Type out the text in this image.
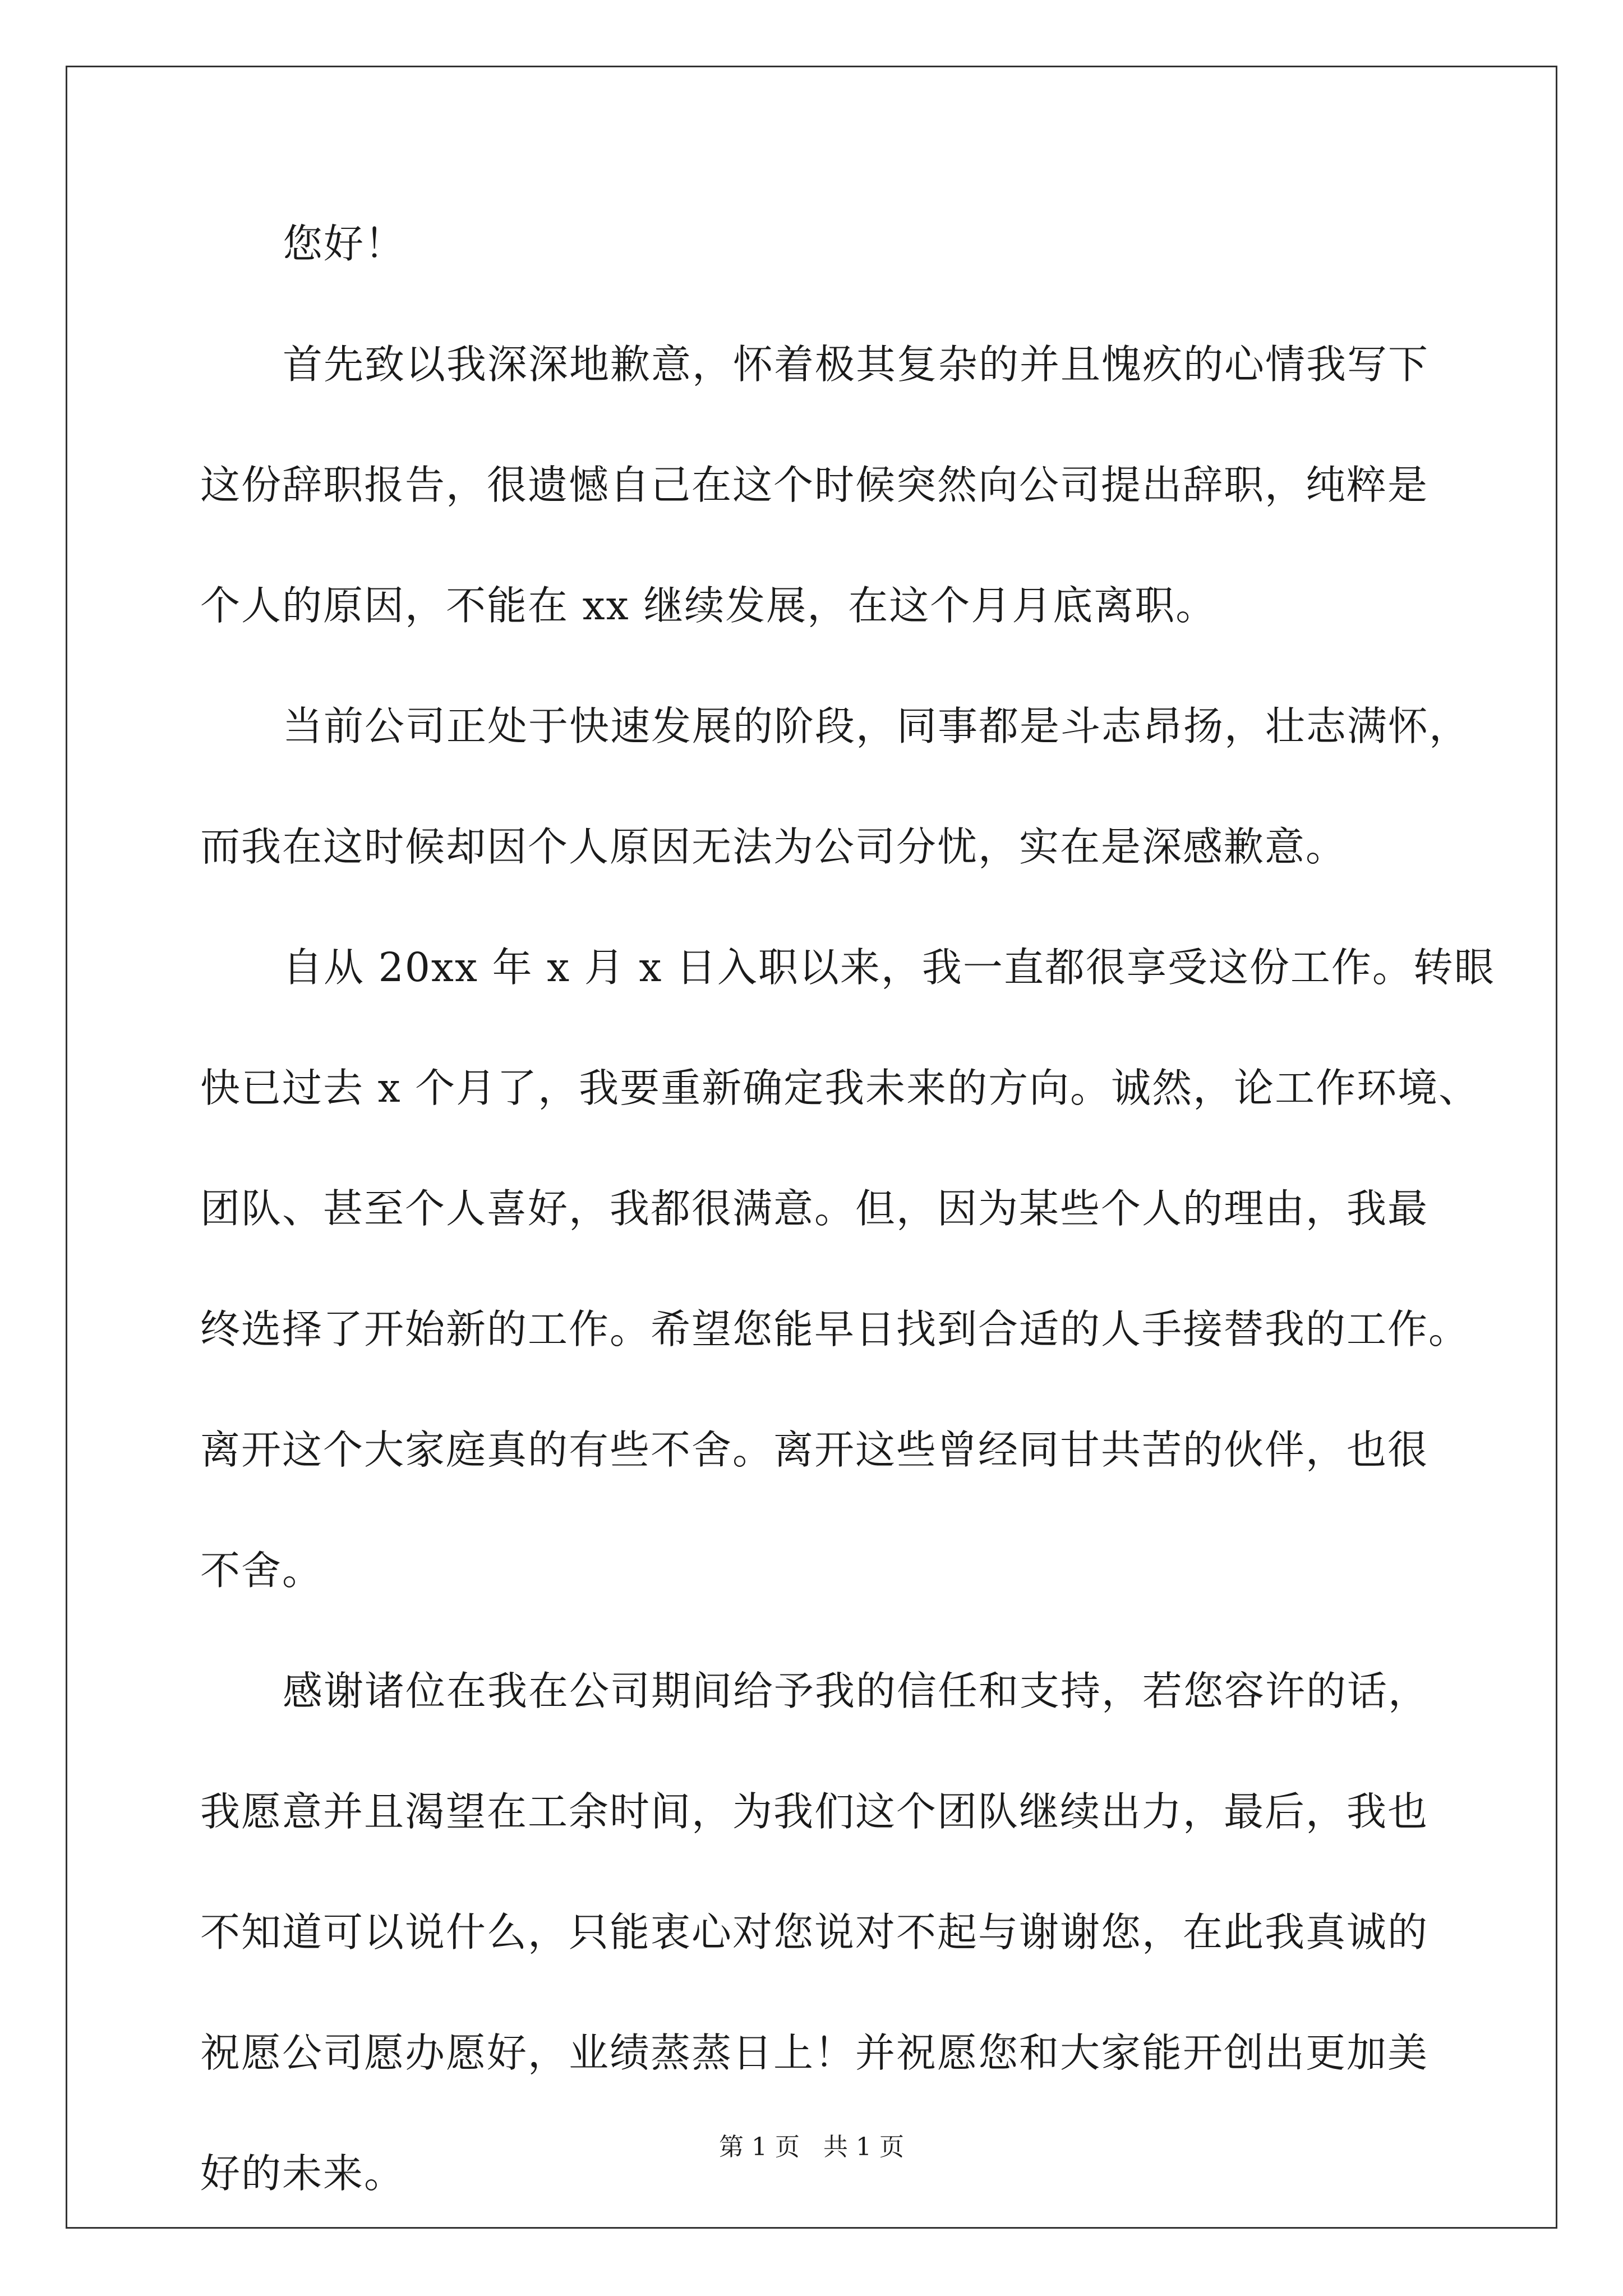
您好！
首先致以我深深地歉意，怀着极其复杂的并且愧疚的心情我写下
这份辞职报告，很遗憾自己在这个时候突然向公司提出辞职，纯粹是
个人的原因，不能在 xx 继续发展，在这个月月底离职。
当前公司正处于快速发展的阶段，同事都是斗志昂扬，壮志满怀，
而我在这时候却因个人原因无法为公司分忧，实在是深感歉意。
自从 20xx 年 x 月 x 日入职以来，我一直都很享受这份工作。转眼
快已过去 x 个月了，我要重新确定我未来的方向。诚然，论工作环境、
团队、甚至个人喜好，我都很满意。但，因为某些个人的理由，我最
终选择了开始新的工作。希望您能早日找到合适的人手接替我的工作。
离开这个大家庭真的有些不舍。离开这些曾经同甘共苦的伙伴，也很
不舍。
感谢诸位在我在公司期间给予我的信任和支持，若您容许的话，
我愿意并且渴望在工余时间，为我们这个团队继续出力，最后，我也
不知道可以说什么，只能衷心对您说对不起与谢谢您，在此我真诚的
祝愿公司愿办愿好，业绩蒸蒸日上！并祝愿您和大家能开创出更加美
好的未来。
第 1 页   共 1 页
